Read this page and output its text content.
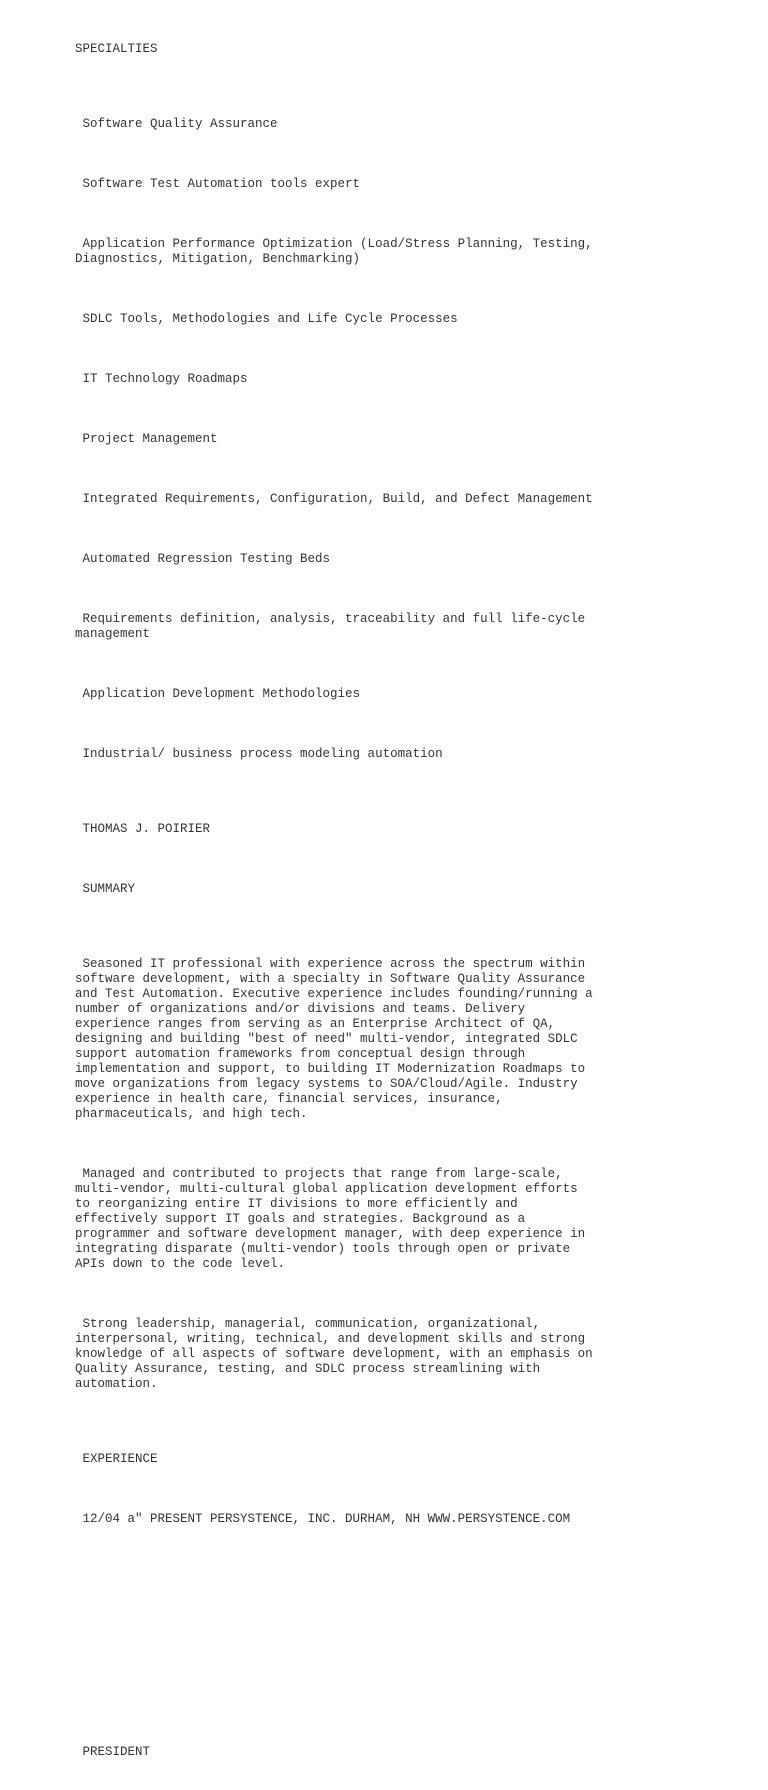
SPECIALTIES

Software Quality Assurance

Software Test Automation tools expert

Application Performance Optimization (Load/Stress Planning, Testing,
Diagnostics, Mitigation, Benchmarking)

SDLC Tools, Methodologies and Life Cycle Processes

IT Technology Roadmaps

Project Management

Integrated Requirements, Configuration, Build, and Defect Management

Automated Regression Testing Beds

Requirements definition, analysis, traceability and full life-cycle
management

Application Development Methodologies

Industrial/ business process modeling automation

THOMAS J. POIRIER

SUMMARY

Seasoned IT professional with experience across the spectrum within
software development, with a specialty in Software Quality Assurance
and Test Automation. Executive experience includes founding/running a
number of organizations and/or divisions and teams. Delivery
experience ranges from serving as an Enterprise Architect of QA,
designing and building "best of need" multi-vendor, integrated SDLC
support automation frameworks from conceptual design through
implementation and support, to building IT Modernization Roadmaps to
move organizations from legacy systems to SOA/Cloud/Agile. Industry
experience in health care, financial services, insurance,
pharmaceuticals, and high tech.

Managed and contributed to projects that range from large-scale,
multi-vendor, multi-cultural global application development efforts
to reorganizing entire IT divisions to more efficiently and
effectively support IT goals and strategies. Background as a
programmer and software development manager, with deep experience in
integrating disparate (multi-vendor) tools through open or private
APIs down to the code level.

Strong leadership, managerial, communication, organizational,
interpersonal, writing, technical, and development skills and strong
knowledge of all aspects of software development, with an emphasis on
Quality Assurance, testing, and SDLC process streamlining with
automation.

EXPERIENCE

12/04 a" PRESENT PERSYSTENCE, INC. DURHAM, NH WWW.PERSYSTENCE.COM

PRESIDENT
